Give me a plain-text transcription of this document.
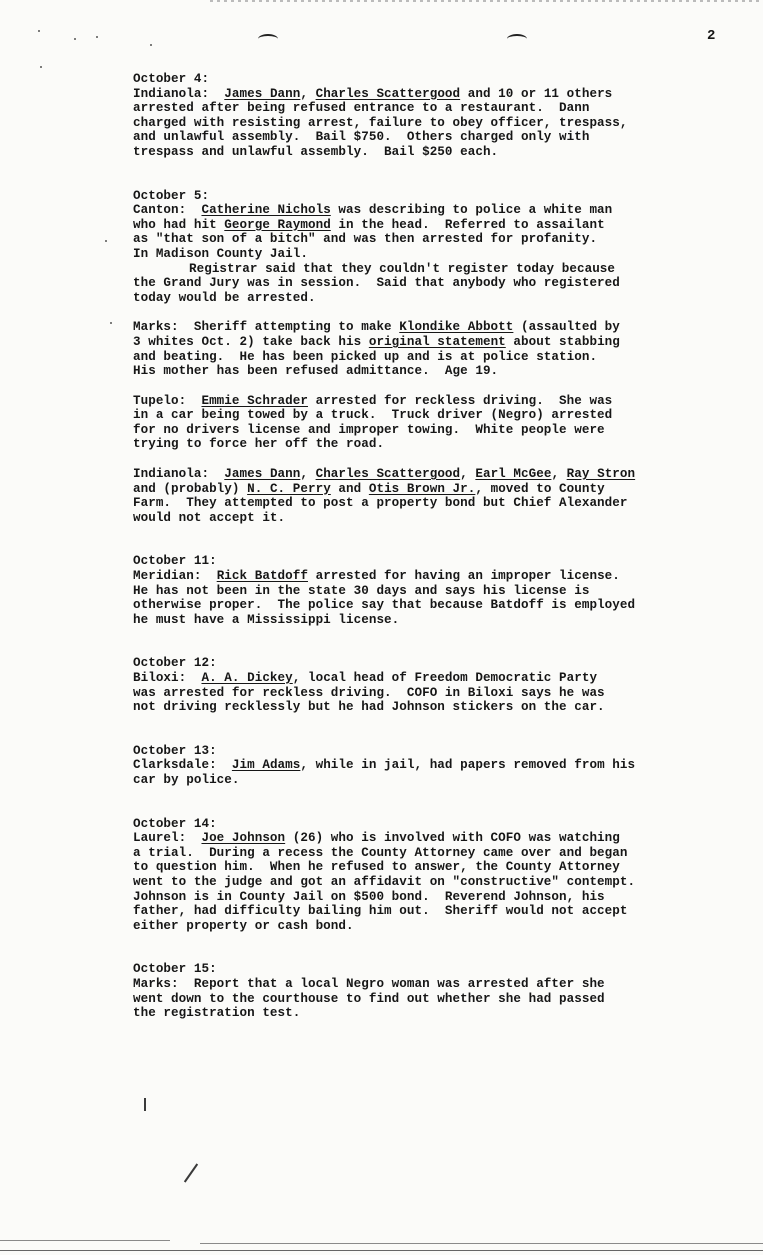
2
October 4:
Indianola:  James Dann, Charles Scattergood and 10 or 11 others
arrested after being refused entrance to a restaurant.  Dann
charged with resisting arrest, failure to obey officer, trespass,
and unlawful assembly.  Bail $750.  Others charged only with
trespass and unlawful assembly.  Bail $250 each.
October 5:
Canton:  Catherine Nichols was describing to police a white man
who had hit George Raymond in the head.  Referred to assailant
as "that son of a bitch" and was then arrested for profanity.
In Madison County Jail.
Registrar said that they couldn't register today because
the Grand Jury was in session.  Said that anybody who registered
today would be arrested.
Marks:  Sheriff attempting to make Klondike Abbott (assaulted by
3 whites Oct. 2) take back his original statement about stabbing
and beating.  He has been picked up and is at police station.
His mother has been refused admittance.  Age 19.
Tupelo:  Emmie Schrader arrested for reckless driving.  She was
in a car being towed by a truck.  Truck driver (Negro) arrested
for no drivers license and improper towing.  White people were
trying to force her off the road.
Indianola:  James Dann, Charles Scattergood, Earl McGee, Ray Stron
and (probably) N. C. Perry and Otis Brown Jr., moved to County
Farm.  They attempted to post a property bond but Chief Alexander
would not accept it.
October 11:
Meridian:  Rick Batdoff arrested for having an improper license.
He has not been in the state 30 days and says his license is
otherwise proper.  The police say that because Batdoff is employed
he must have a Mississippi license.
October 12:
Biloxi:  A. A. Dickey, local head of Freedom Democratic Party
was arrested for reckless driving.  COFO in Biloxi says he was
not driving recklessly but he had Johnson stickers on the car.
October 13:
Clarksdale:  Jim Adams, while in jail, had papers removed from his
car by police.
October 14:
Laurel:  Joe Johnson (26) who is involved with COFO was watching
a trial.  During a recess the County Attorney came over and began
to question him.  When he refused to answer, the County Attorney
went to the judge and got an affidavit on "constructive" contempt.
Johnson is in County Jail on $500 bond.  Reverend Johnson, his
father, had difficulty bailing him out.  Sheriff would not accept
either property or cash bond.
October 15:
Marks:  Report that a local Negro woman was arrested after she
went down to the courthouse to find out whether she had passed
the registration test.
